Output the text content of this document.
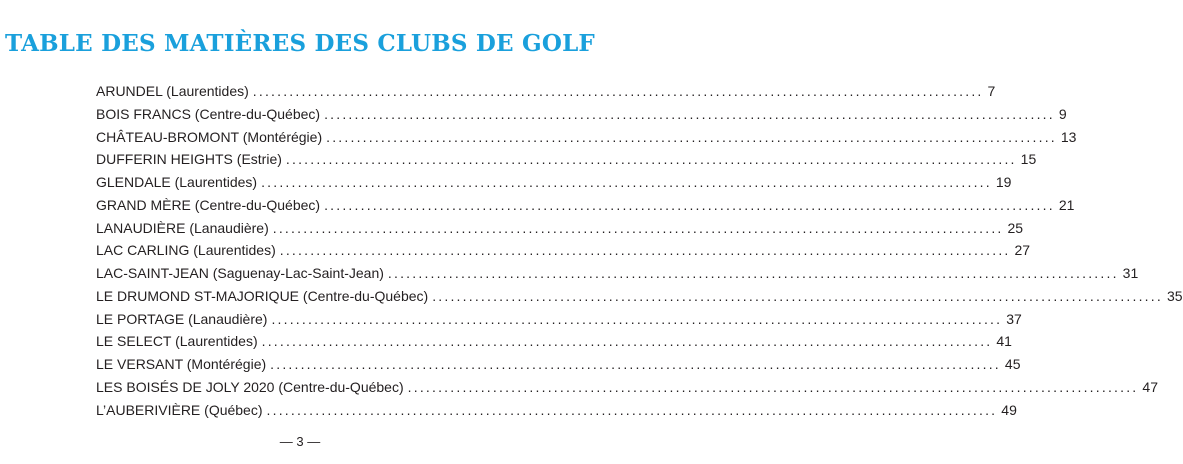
TABLE DES MATIÈRES DES CLUBS DE GOLF
ARUNDEL (Laurentides) ........................................................................................................................ 7
BOIS FRANCS (Centre-du-Québec) ........................................................................................................................ 9
CHÂTEAU-BROMONT (Montérégie) ........................................................................................................................ 13
DUFFERIN HEIGHTS (Estrie) ........................................................................................................................ 15
GLENDALE (Laurentides) ........................................................................................................................ 19
GRAND MÈRE (Centre-du-Québec) ........................................................................................................................ 21
LANAUDIÈRE (Lanaudière) ........................................................................................................................ 25
LAC CARLING (Laurentides) ........................................................................................................................ 27
LAC-SAINT-JEAN (Saguenay-Lac-Saint-Jean) ........................................................................................................................ 31
LE DRUMOND ST-MAJORIQUE (Centre-du-Québec) ........................................................................................................................ 35
LE PORTAGE (Lanaudière) ........................................................................................................................ 37
LE SELECT (Laurentides) ........................................................................................................................ 41
LE VERSANT (Montérégie) ........................................................................................................................ 45
LES BOISÉS DE JOLY 2020 (Centre-du-Québec) ........................................................................................................................ 47
L’AUBERIVIÈRE (Québec) ........................................................................................................................ 49
— 3 —
